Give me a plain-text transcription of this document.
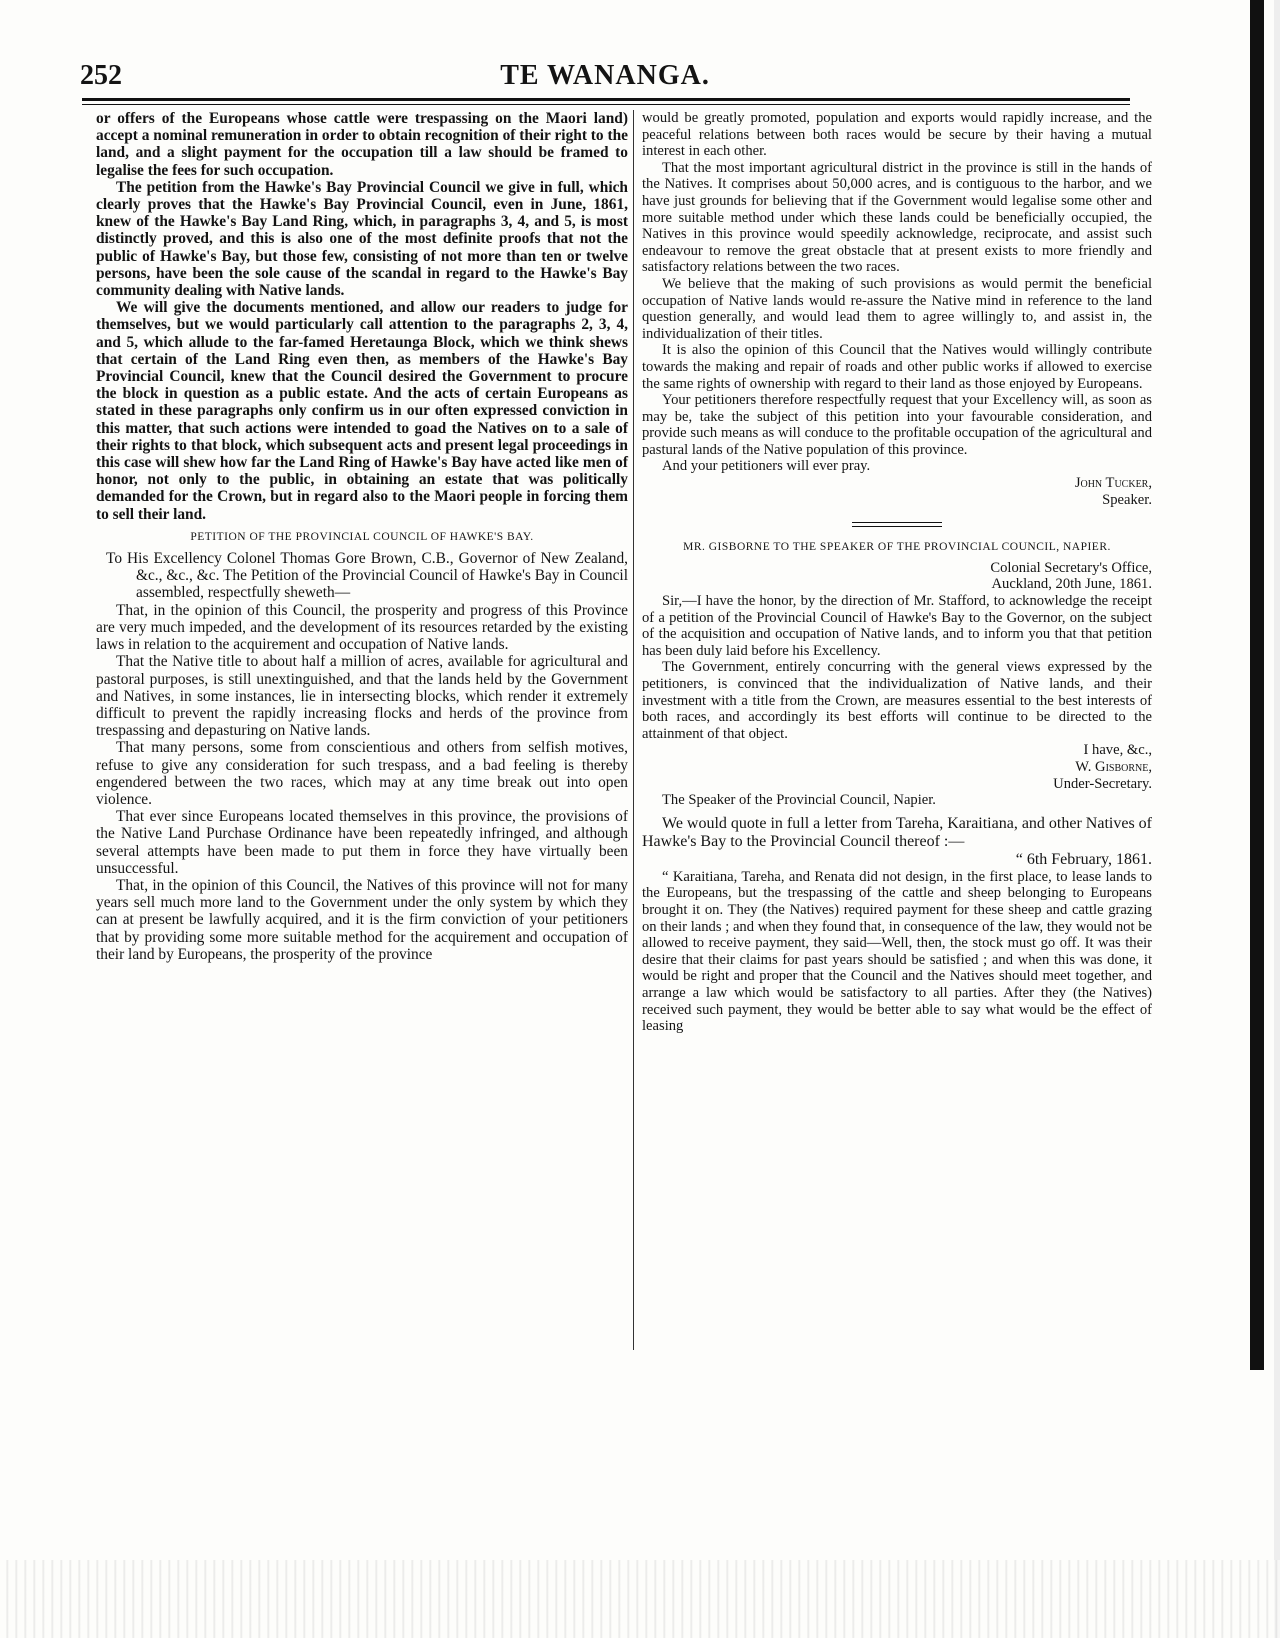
252	TE WANANGA.

or offers of the Europeans whose cattle were trespassing on the Maori land) accept a nominal remuneration in order to obtain recognition of their right to the land, and a slight payment for the occupation till a law should be framed to legalise the fees for such occupation.

The petition from the Hawke's Bay Provincial Council we give in full, which clearly proves that the Hawke's Bay Provincial Council, even in June, 1861, knew of the Hawke's Bay Land Ring, which, in paragraphs 3, 4, and 5, is most distinctly proved, and this is also one of the most definite proofs that not the public of Hawke's Bay, but those few, consisting of not more than ten or twelve persons, have been the sole cause of the scandal in regard to the Hawke's Bay community dealing with Native lands.

We will give the documents mentioned, and allow our readers to judge for themselves, but we would particularly call attention to the paragraphs 2, 3, 4, and 5, which allude to the far-famed Heretaunga Block, which we think shews that certain of the Land Ring even then, as members of the Hawke's Bay Provincial Council, knew that the Council desired the Government to procure the block in question as a public estate. And the acts of certain Europeans as stated in these paragraphs only confirm us in our often expressed conviction in this matter, that such actions were intended to goad the Natives on to a sale of their rights to that block, which subsequent acts and present legal proceedings in this case will shew how far the Land Ring of Hawke's Bay have acted like men of honor, not only to the public, in obtaining an estate that was politically demanded for the Crown, but in regard also to the Maori people in forcing them to sell their land.

PETITION OF THE PROVINCIAL COUNCIL OF HAWKE'S BAY.

To His Excellency Colonel Thomas Gore Brown, C.B., Governor of New Zealand, &c., &c., &c. The Petition of the Provincial Council of Hawke's Bay in Council assembled, respectfully sheweth—

That, in the opinion of this Council, the prosperity and progress of this Province are very much impeded, and the development of its resources retarded by the existing laws in relation to the acquirement and occupation of Native lands.

That the Native title to about half a million of acres, available for agricultural and pastoral purposes, is still unextinguished, and that the lands held by the Government and Natives, in some instances, lie in intersecting blocks, which render it extremely difficult to prevent the rapidly increasing flocks and herds of the province from trespassing and depasturing on Native lands.

That many persons, some from conscientious and others from selfish motives, refuse to give any consideration for such trespass, and a bad feeling is thereby engendered between the two races, which may at any time break out into open violence.

That ever since Europeans located themselves in this province, the provisions of the Native Land Purchase Ordinance have been repeatedly infringed, and although several attempts have been made to put them in force they have virtually been unsuccessful.

That, in the opinion of this Council, the Natives of this province will not for many years sell much more land to the Government under the only system by which they can at present be lawfully acquired, and it is the firm conviction of your petitioners that by providing some more suitable method for the acquirement and occupation of their land by Europeans, the prosperity of the province

would be greatly promoted, population and exports would rapidly increase, and the peaceful relations between both races would be secure by their having a mutual interest in each other.

That the most important agricultural district in the province is still in the hands of the Natives. It comprises about 50,000 acres, and is contiguous to the harbor, and we have just grounds for believing that if the Government would legalise some other and more suitable method under which these lands could be beneficially occupied, the Natives in this province would speedily acknowledge, reciprocate, and assist such endeavour to remove the great obstacle that at present exists to more friendly and satisfactory relations between the two races.

We believe that the making of such provisions as would permit the beneficial occupation of Native lands would re-assure the Native mind in reference to the land question generally, and would lead them to agree willingly to, and assist in, the individualization of their titles.

It is also the opinion of this Council that the Natives would willingly contribute towards the making and repair of roads and other public works if allowed to exercise the same rights of ownership with regard to their land as those enjoyed by Europeans.

Your petitioners therefore respectfully request that your Excellency will, as soon as may be, take the subject of this petition into your favourable consideration, and provide such means as will conduce to the profitable occupation of the agricultural and pastural lands of the Native population of this province.

And your petitioners will ever pray.

John Tucker,
Speaker.

MR. GISBORNE TO THE SPEAKER OF THE PROVINCIAL COUNCIL, NAPIER.

Colonial Secretary's Office,
Auckland, 20th June, 1861.

Sir,—I have the honor, by the direction of Mr. Stafford, to acknowledge the receipt of a petition of the Provincial Council of Hawke's Bay to the Governor, on the subject of the acquisition and occupation of Native lands, and to inform you that that petition has been duly laid before his Excellency.

The Government, entirely concurring with the general views expressed by the petitioners, is convinced that the individualization of Native lands, and their investment with a title from the Crown, are measures essential to the best interests of both races, and accordingly its best efforts will continue to be directed to the attainment of that object.

I have, &c.,
W. Gisborne,
Under-Secretary.

The Speaker of the Provincial Council, Napier.

We would quote in full a letter from Tareha, Karaitiana, and other Natives of Hawke's Bay to the Provincial Council thereof :—

“ 6th February, 1861.

“ Karaitiana, Tareha, and Renata did not design, in the first place, to lease lands to the Europeans, but the trespassing of the cattle and sheep belonging to Europeans brought it on. They (the Natives) required payment for these sheep and cattle grazing on their lands ; and when they found that, in consequence of the law, they would not be allowed to receive payment, they said—Well, then, the stock must go off. It was their desire that their claims for past years should be satisfied ; and when this was done, it would be right and proper that the Council and the Natives should meet together, and arrange a law which would be satisfactory to all parties. After they (the Natives) received such payment, they would be better able to say what would be the effect of leasing
